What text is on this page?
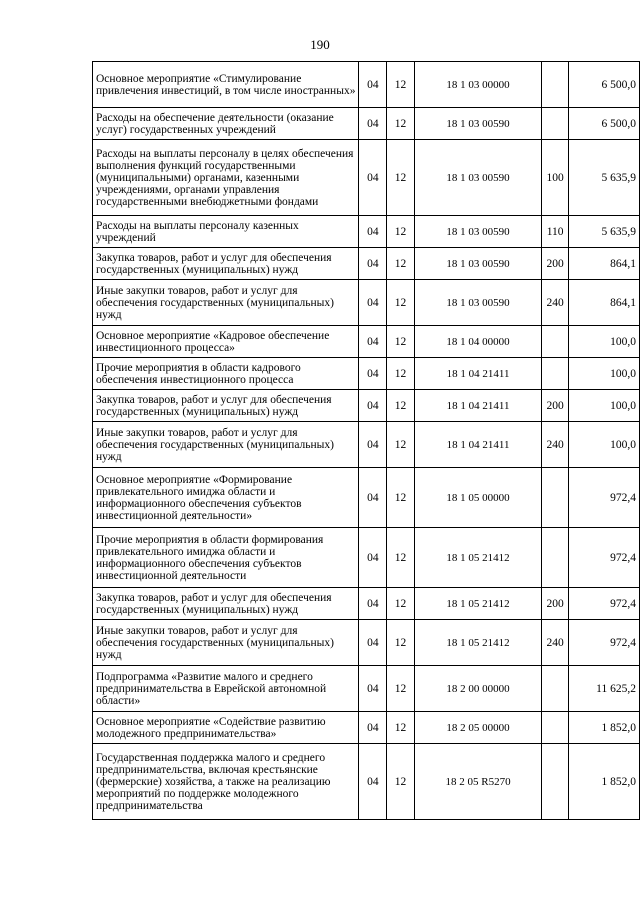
190
Основное мероприятие «Стимулирование привлечения инвестиций, в том числе иностранных»	04	12	18 1 03 00000		6 500,0
Расходы на обеспечение деятельности (оказание услуг) государственных учреждений	04	12	18 1 03 00590		6 500,0
Расходы на выплаты персоналу в целях обеспечения выполнения функций государственными (муниципальными) органами, казенными учреждениями, органами управления государственными внебюджетными фондами	04	12	18 1 03 00590	100	5 635,9
Расходы на выплаты персоналу казенных учреждений	04	12	18 1 03 00590	110	5 635,9
Закупка товаров, работ и услуг для обеспечения государственных (муниципальных) нужд	04	12	18 1 03 00590	200	864,1
Иные закупки товаров, работ и услуг для обеспечения государственных (муниципальных) нужд	04	12	18 1 03 00590	240	864,1
Основное мероприятие «Кадровое обеспечение инвестиционного процесса»	04	12	18 1 04 00000		100,0
Прочие мероприятия в области кадрового обеспечения инвестиционного процесса	04	12	18 1 04 21411		100,0
Закупка товаров, работ и услуг для обеспечения государственных (муниципальных) нужд	04	12	18 1 04 21411	200	100,0
Иные закупки товаров, работ и услуг для обеспечения государственных (муниципальных) нужд	04	12	18 1 04 21411	240	100,0
Основное мероприятие «Формирование привлекательного имиджа области и информационного обеспечения субъектов инвестиционной деятельности»	04	12	18 1 05 00000		972,4
Прочие мероприятия в области формирования привлекательного имиджа области и информационного обеспечения субъектов инвестиционной деятельности	04	12	18 1 05 21412		972,4
Закупка товаров, работ и услуг для обеспечения государственных (муниципальных) нужд	04	12	18 1 05 21412	200	972,4
Иные закупки товаров, работ и услуг для обеспечения государственных (муниципальных) нужд	04	12	18 1 05 21412	240	972,4
Подпрограмма «Развитие малого и среднего предпринимательства в Еврейской автономной области»	04	12	18 2 00 00000		11 625,2
Основное мероприятие «Содействие развитию молодежного предпринимательства»	04	12	18 2 05 00000		1 852,0
Государственная поддержка малого и среднего предпринимательства, включая крестьянские (фермерские) хозяйства, а также на реализацию мероприятий по поддержке молодежного предпринимательства	04	12	18 2 05 R5270		1 852,0
